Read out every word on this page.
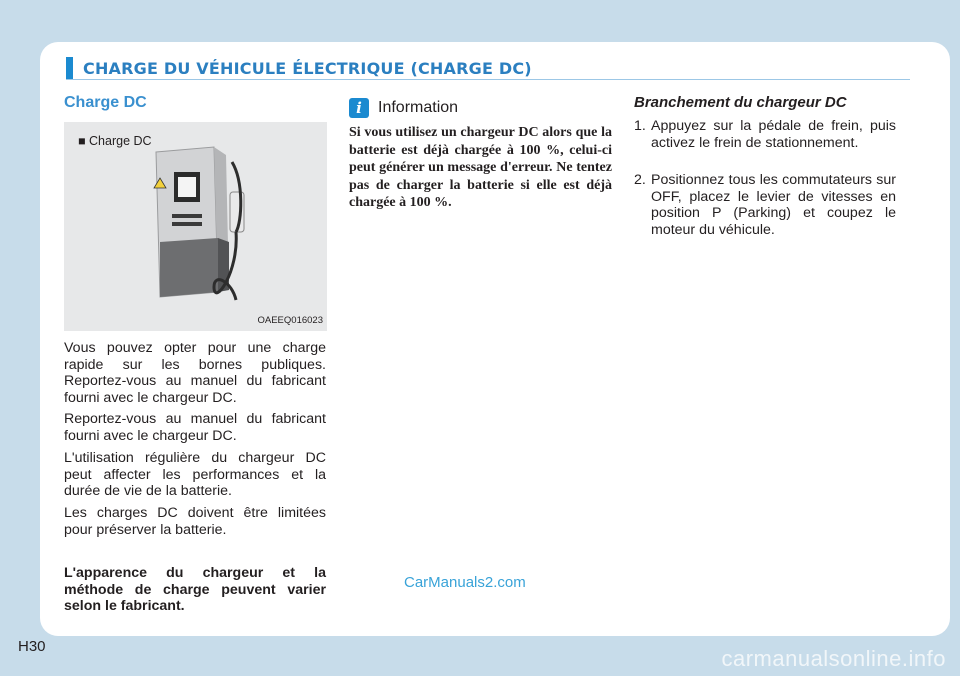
CHARGE DU VÉHICULE ÉLECTRIQUE (CHARGE DC)
Charge DC
■ Charge DC
OAEEQ016023
Vous pouvez opter pour une charge rapide sur les bornes publiques. Reportez-vous au manuel du fabricant fourni avec le chargeur DC.
Reportez-vous au manuel du fabricant fourni avec le chargeur DC.
L'utilisation régulière du chargeur DC peut affecter les performances et la durée de vie de la batterie.
Les charges DC doivent être limitées pour préserver la batterie.
L'apparence du chargeur et la méthode de charge peuvent varier selon le fabricant.
i	Information
Si vous utilisez un chargeur DC alors que la batterie est déjà chargée à 100 %, celui-ci peut générer un message d'erreur. Ne tentez pas de charger la batterie si elle est déjà chargée à 100 %.
Branchement du chargeur DC
1. Appuyez sur la pédale de frein, puis activez le frein de stationnement.
2. Positionnez tous les commutateurs sur OFF, placez le levier de vitesses en position P (Parking) et coupez le moteur du véhicule.
CarManuals2.com
H30	carmanualsonline.info
